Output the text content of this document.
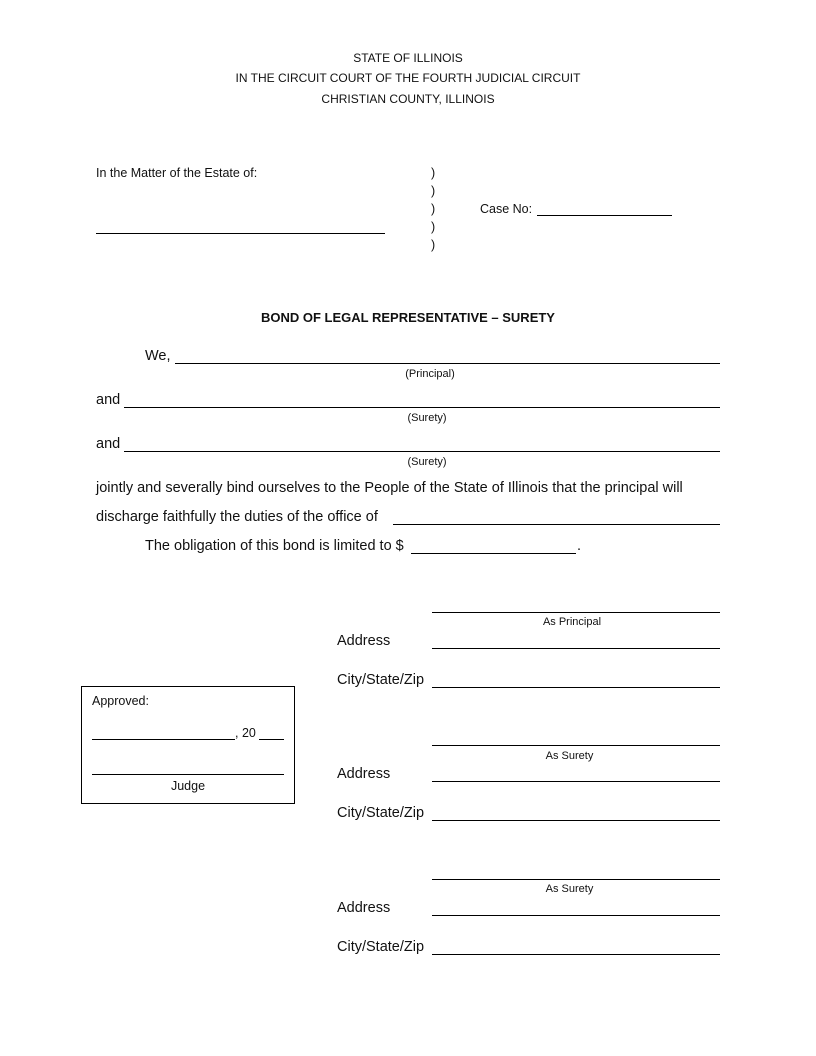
STATE OF ILLINOIS
IN THE CIRCUIT COURT OF THE FOURTH JUDICIAL CIRCUIT
CHRISTIAN COUNTY, ILLINOIS
In the Matter of the Estate of:	)
)
)
)
)
Case No:
BOND OF LEGAL REPRESENTATIVE – SURETY
We,
(Principal)
and
(Surety)
and
(Surety)
jointly and severally bind ourselves to the People of the State of Illinois that the principal will
discharge faithfully the duties of the office of
The obligation of this bond is limited to $	.
As Principal
Address
City/State/Zip
As Surety
Address
City/State/Zip
As Surety
Address
City/State/Zip
Approved:
, 20
Judge
